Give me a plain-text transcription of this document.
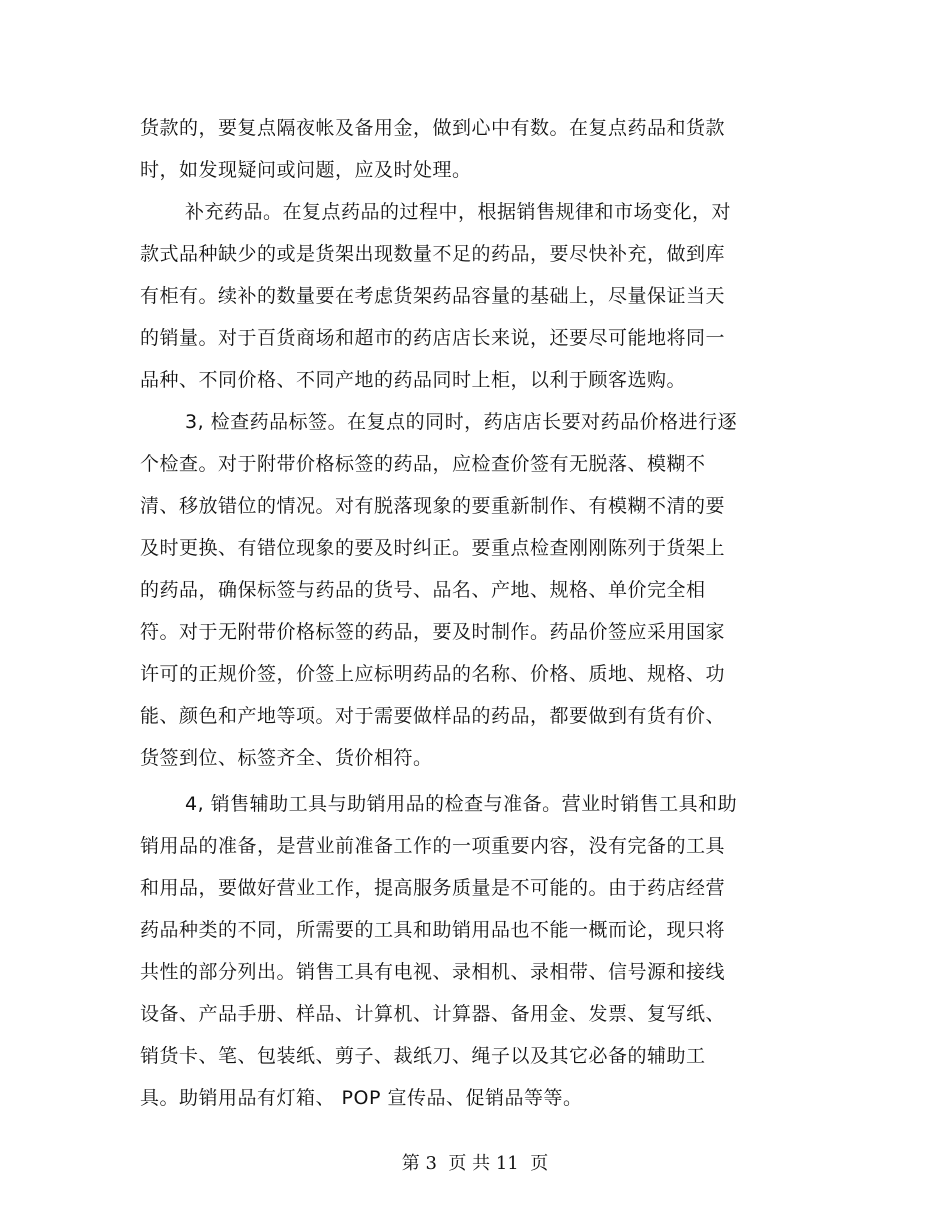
货款的，要复点隔夜帐及备用金，做到心中有数。在复点药品和货款
时，如发现疑问或问题，应及时处理。
补充药品。在复点药品的过程中，根据销售规律和市场变化，对
款式品种缺少的或是货架出现数量不足的药品，要尽快补充，做到库
有柜有。续补的数量要在考虑货架药品容量的基础上，尽量保证当天
的销量。对于百货商场和超市的药店店长来说，还要尽可能地将同一
品种、不同价格、不同产地的药品同时上柜，以利于顾客选购。
3, 检查药品标签。在复点的同时，药店店长要对药品价格进行逐
个检查。对于附带价格标签的药品，应检查价签有无脱落、模糊不
清、移放错位的情况。对有脱落现象的要重新制作、有模糊不清的要
及时更换、有错位现象的要及时纠正。要重点检查刚刚陈列于货架上
的药品，确保标签与药品的货号、品名、产地、规格、单价完全相
符。对于无附带价格标签的药品，要及时制作。药品价签应采用国家
许可的正规价签，价签上应标明药品的名称、价格、质地、规格、功
能、颜色和产地等项。对于需要做样品的药品，都要做到有货有价、
货签到位、标签齐全、货价相符。
4, 销售辅助工具与助销用品的检查与准备。营业时销售工具和助
销用品的准备，是营业前准备工作的一项重要内容，没有完备的工具
和用品，要做好营业工作，提高服务质量是不可能的。由于药店经营
药品种类的不同，所需要的工具和助销用品也不能一概而论，现只将
共性的部分列出。销售工具有电视、录相机、录相带、信号源和接线
设备、产品手册、样品、计算机、计算器、备用金、发票、复写纸、
销货卡、笔、包装纸、剪子、裁纸刀、绳子以及其它必备的辅助工
具。助销用品有灯箱、 POP 宣传品、促销品等等。
第 3  页 共 11  页
